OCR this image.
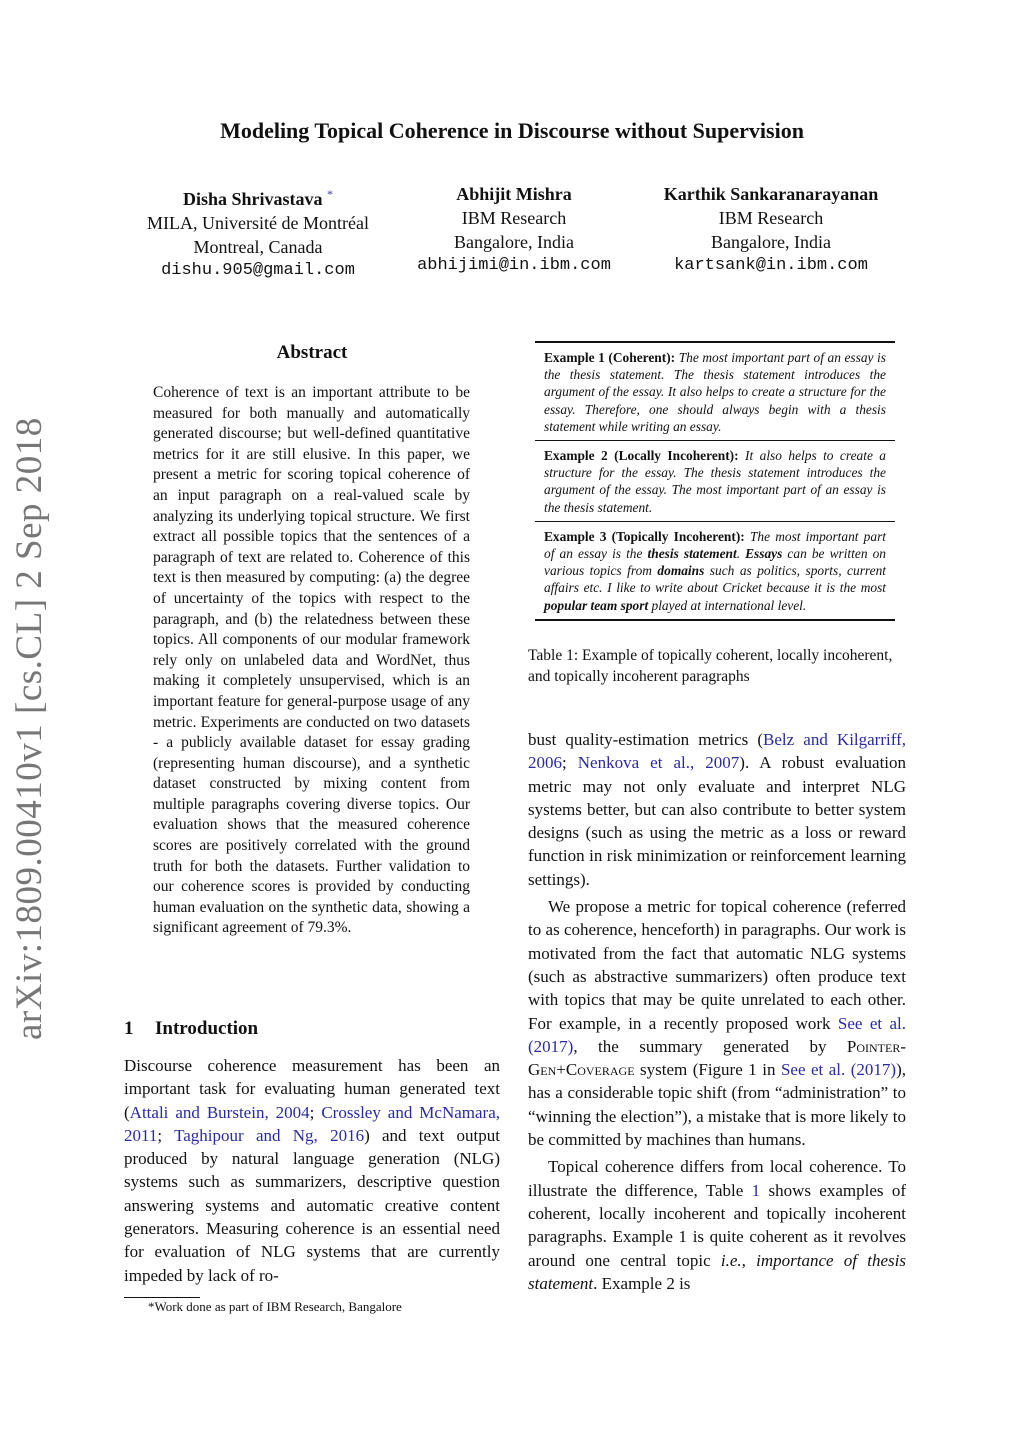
Modeling Topical Coherence in Discourse without Supervision
Disha Shrivastava *
MILA, Université de Montréal
Montreal, Canada
dishu.905@gmail.com
Abhijit Mishra
IBM Research
Bangalore, India
abhijimi@in.ibm.com
Karthik Sankaranarayanan
IBM Research
Bangalore, India
kartsank@in.ibm.com
arXiv:1809.00410v1 [cs.CL] 2 Sep 2018
Abstract
Coherence of text is an important attribute to be measured for both manually and automatically generated discourse; but well-defined quantitative metrics for it are still elusive. In this paper, we present a metric for scoring topical coherence of an input paragraph on a real-valued scale by analyzing its underlying topical structure. We first extract all possible topics that the sentences of a paragraph of text are related to. Coherence of this text is then measured by computing: (a) the degree of uncertainty of the topics with respect to the paragraph, and (b) the relatedness between these topics. All components of our modular framework rely only on unlabeled data and WordNet, thus making it completely unsupervised, which is an important feature for general-purpose usage of any metric. Experiments are conducted on two datasets - a publicly available dataset for essay grading (representing human discourse), and a synthetic dataset constructed by mixing content from multiple paragraphs covering diverse topics. Our evaluation shows that the measured coherence scores are positively correlated with the ground truth for both the datasets. Further validation to our coherence scores is provided by conducting human evaluation on the synthetic data, showing a significant agreement of 79.3%.
1 Introduction
Discourse coherence measurement has been an important task for evaluating human generated text (Attali and Burstein, 2004; Crossley and McNamara, 2011; Taghipour and Ng, 2016) and text output produced by natural language generation (NLG) systems such as summarizers, descriptive question answering systems and automatic creative content generators. Measuring coherence is an essential need for evaluation of NLG systems that are currently impeded by lack of ro-
*Work done as part of IBM Research, Bangalore
Example 1 (Coherent): The most important part of an essay is the thesis statement. The thesis statement introduces the argument of the essay. It also helps to create a structure for the essay. Therefore, one should always begin with a thesis statement while writing an essay.
Example 2 (Locally Incoherent): It also helps to create a structure for the essay. The thesis statement introduces the argument of the essay. The most important part of an essay is the thesis statement.
Example 3 (Topically Incoherent): The most important part of an essay is the thesis statement. Essays can be written on various topics from domains such as politics, sports, current affairs etc. I like to write about Cricket because it is the most popular team sport played at international level.
Table 1: Example of topically coherent, locally incoherent, and topically incoherent paragraphs

bust quality-estimation metrics (Belz and Kilgarriff, 2006; Nenkova et al., 2007). A robust evaluation metric may not only evaluate and interpret NLG systems better, but can also contribute to better system designs (such as using the metric as a loss or reward function in risk minimization or reinforcement learning settings).

We propose a metric for topical coherence (referred to as coherence, henceforth) in paragraphs. Our work is motivated from the fact that automatic NLG systems (such as abstractive summarizers) often produce text with topics that may be quite unrelated to each other. For example, in a recently proposed work See et al. (2017), the summary generated by Pointer-Gen+Coverage system (Figure 1 in See et al. (2017)), has a considerable topic shift (from “administration” to “winning the election”), a mistake that is more likely to be committed by machines than humans.

Topical coherence differs from local coherence. To illustrate the difference, Table 1 shows examples of coherent, locally incoherent and topically incoherent paragraphs. Example 1 is quite coherent as it revolves around one central topic i.e., importance of thesis statement. Example 2 is
